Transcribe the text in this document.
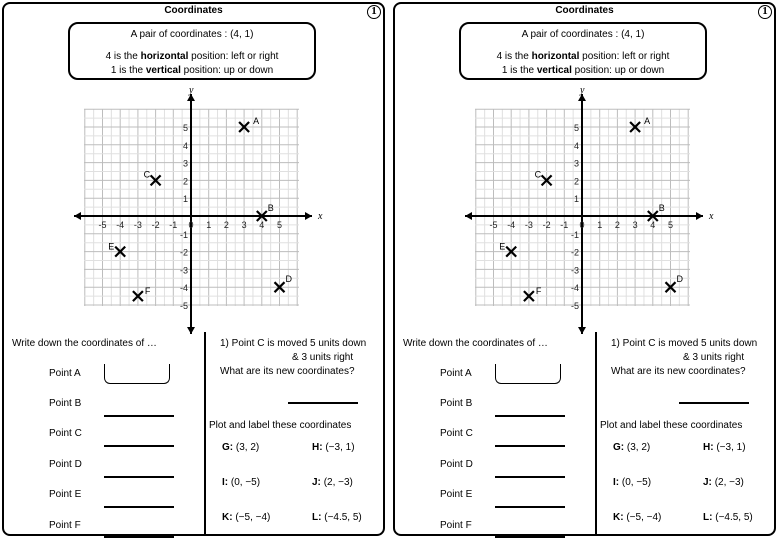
Coordinates	1
A pair of coordinates : (4, 1)
4 is the horizontal position: left or right
1 is the vertical position: up or down
x
y
-5 -4 -3 -2 -1 0 1 2 3 4 5
5
4
3
2
1
-1
-2
-3
-4
-5
A
B
C
D
E
F
Write down the coordinates of …
Point A
Point B
Point C
Point D
Point E
Point F
1) Point C is moved 5 units down
& 3 units right
What are its new coordinates?
Plot and label these coordinates
G: (3, 2)	H: (−3, 1)
I: (0, −5)	J: (2, −3)
K: (−5, −4)	L: (−4.5, 5)
Coordinates	1
A pair of coordinates : (4, 1)
4 is the horizontal position: left or right
1 is the vertical position: up or down
x
y
-5 -4 -3 -2 -1 0 1 2 3 4 5
5
4
3
2
1
-1
-2
-3
-4
-5
A
B
C
D
E
F
Write down the coordinates of …
Point A
Point B
Point C
Point D
Point E
Point F
1) Point C is moved 5 units down
& 3 units right
What are its new coordinates?
Plot and label these coordinates
G: (3, 2)	H: (−3, 1)
I: (0, −5)	J: (2, −3)
K: (−5, −4)	L: (−4.5, 5)
